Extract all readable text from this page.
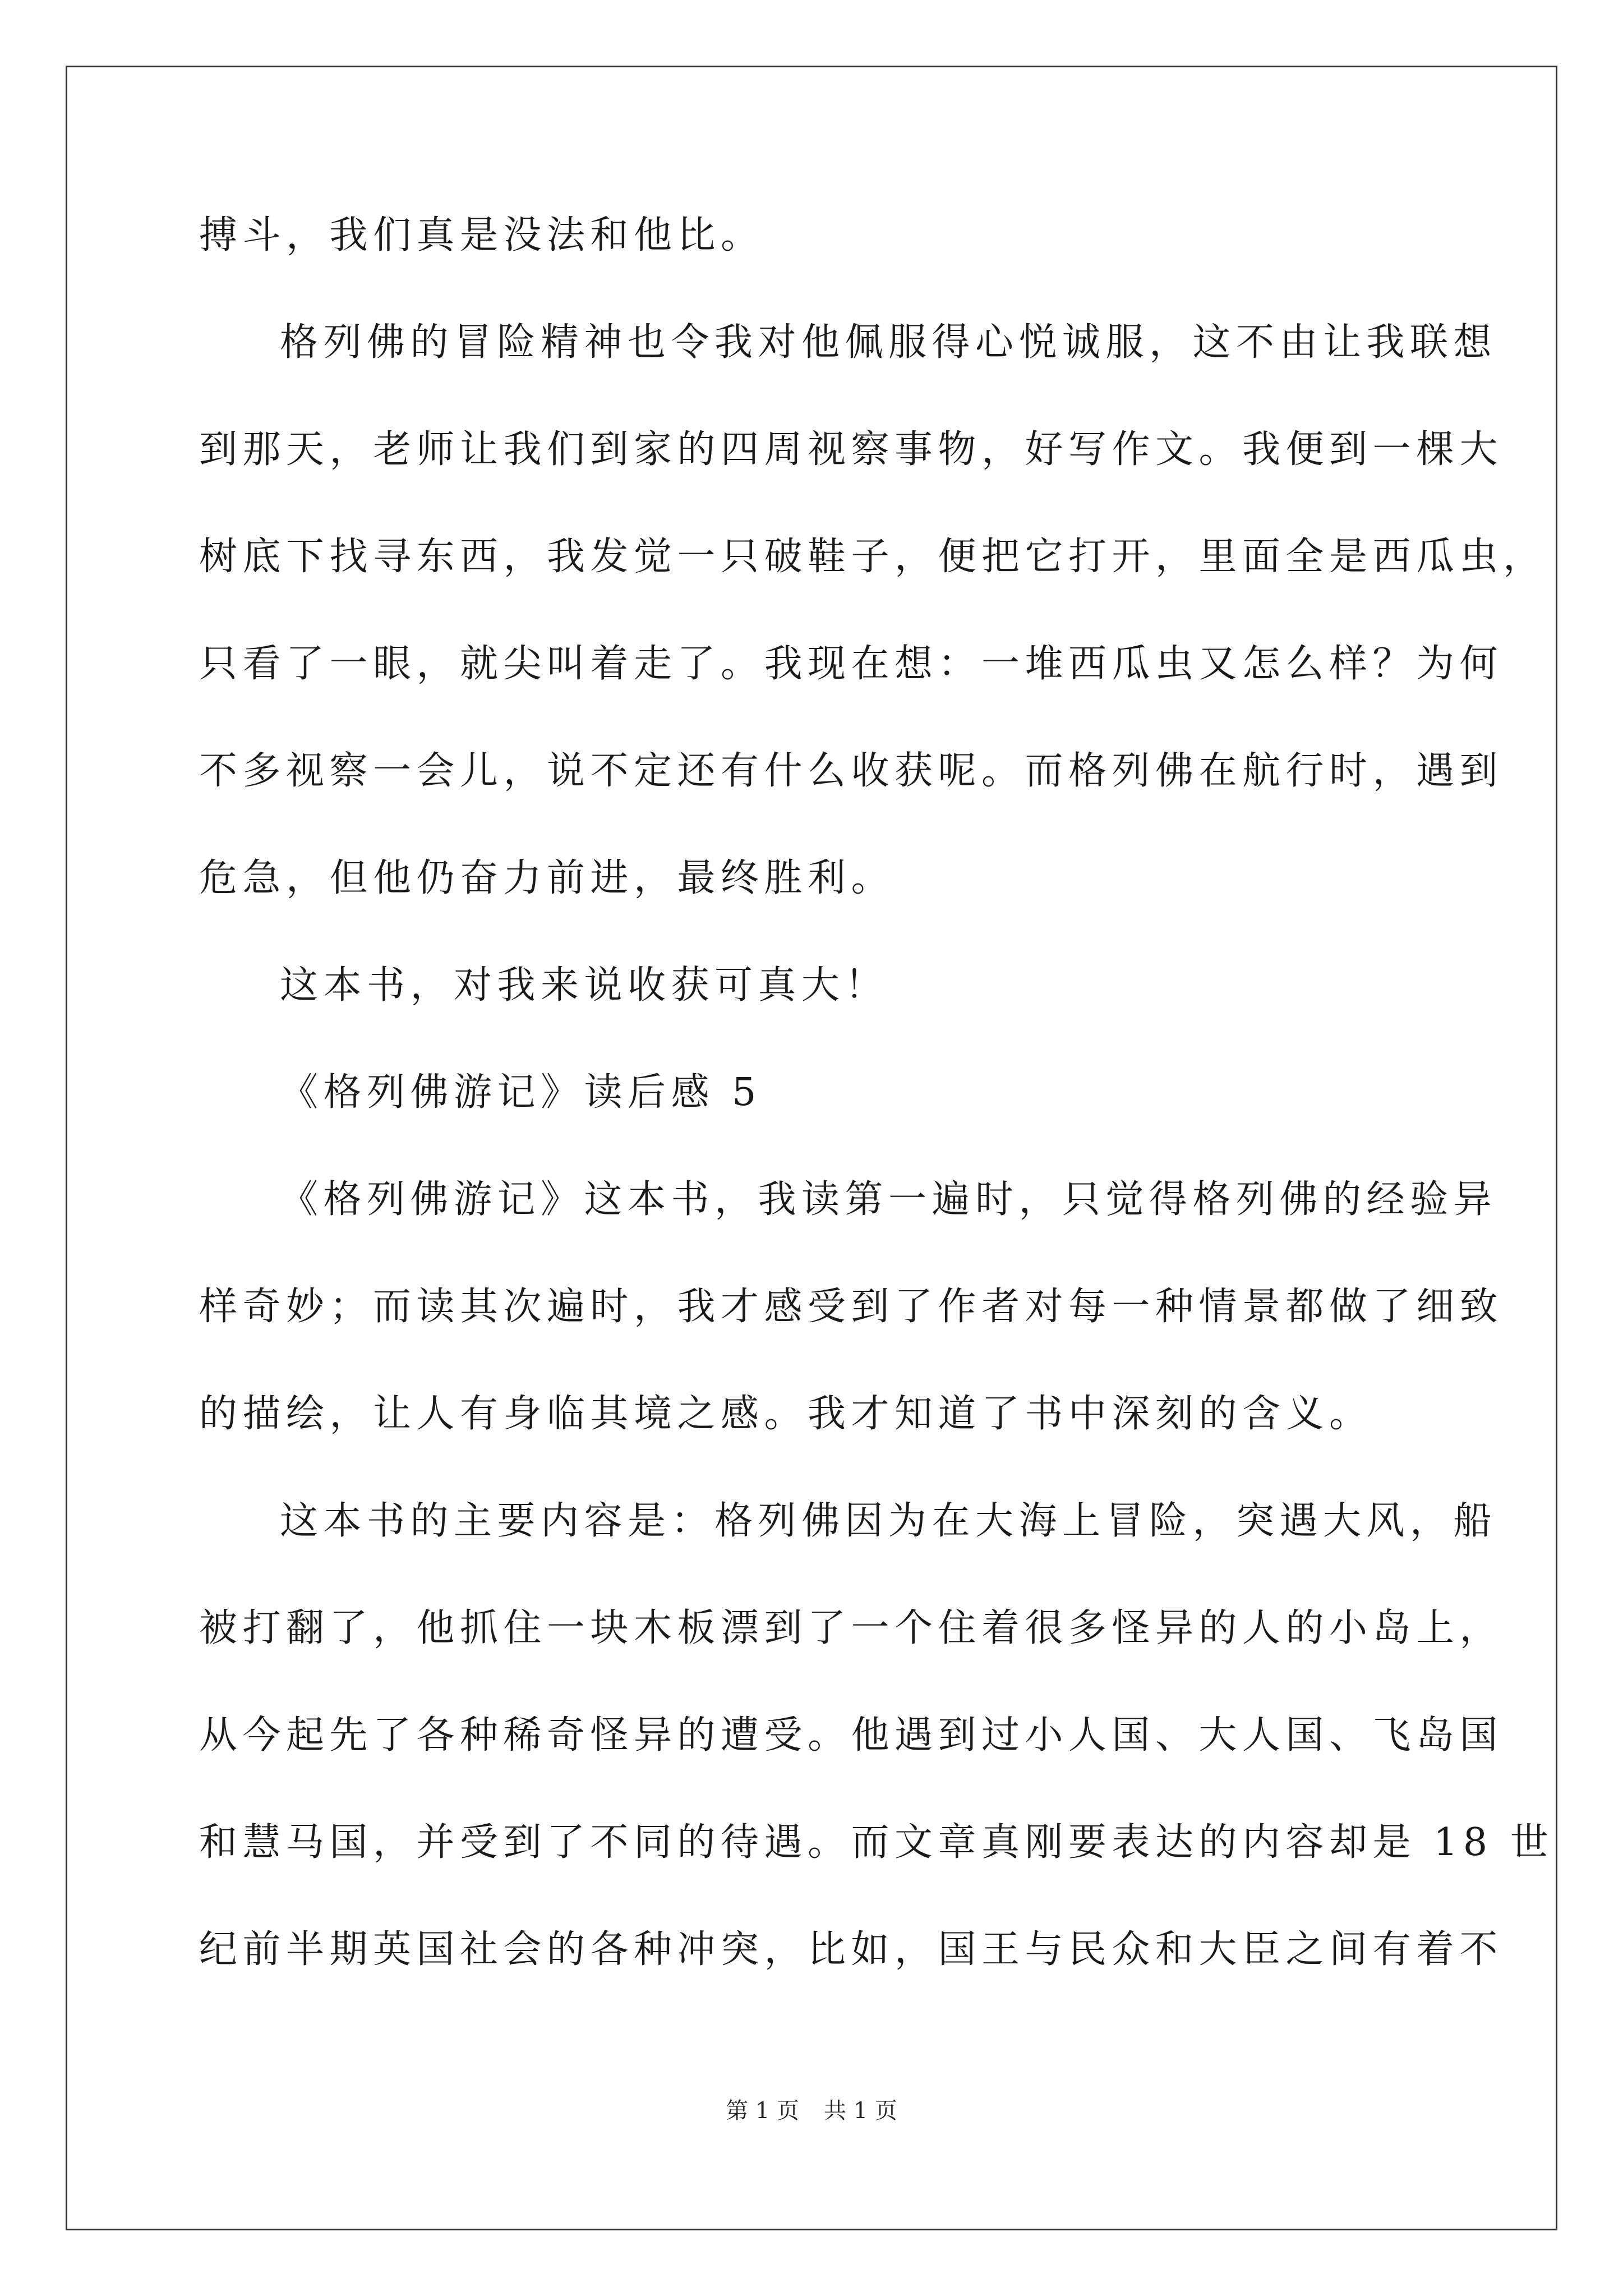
搏斗，我们真是没法和他比。
格列佛的冒险精神也令我对他佩服得心悦诚服，这不由让我联想
到那天，老师让我们到家的四周视察事物，好写作文。我便到一棵大
树底下找寻东西，我发觉一只破鞋子，便把它打开，里面全是西瓜虫，
只看了一眼，就尖叫着走了。我现在想：一堆西瓜虫又怎么样？为何
不多视察一会儿，说不定还有什么收获呢。而格列佛在航行时，遇到
危急，但他仍奋力前进，最终胜利。
这本书，对我来说收获可真大！
《格列佛游记》读后感 5
《格列佛游记》这本书，我读第一遍时，只觉得格列佛的经验异
样奇妙；而读其次遍时，我才感受到了作者对每一种情景都做了细致
的描绘，让人有身临其境之感。我才知道了书中深刻的含义。
这本书的主要内容是：格列佛因为在大海上冒险，突遇大风，船
被打翻了，他抓住一块木板漂到了一个住着很多怪异的人的小岛上，
从今起先了各种稀奇怪异的遭受。他遇到过小人国、大人国、飞岛国
和慧马国，并受到了不同的待遇。而文章真刚要表达的内容却是 18 世
纪前半期英国社会的各种冲突，比如，国王与民众和大臣之间有着不
第 1 页 共 1 页
